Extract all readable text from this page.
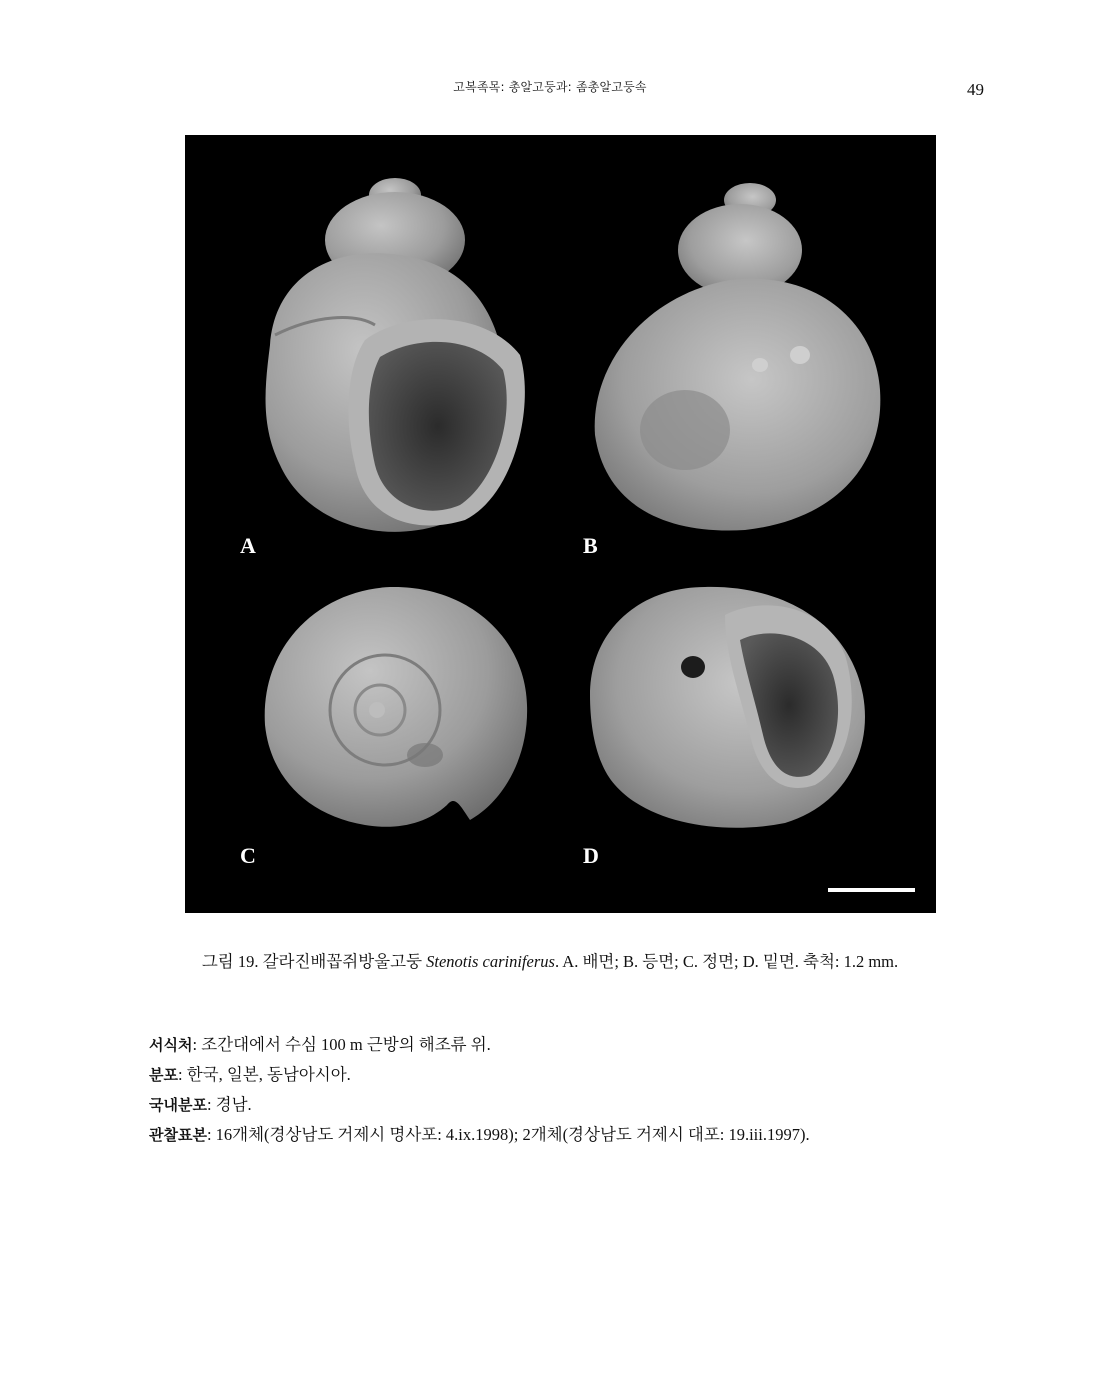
고복족목: 총알고둥과: 좀총알고둥속	49
A	B
C	D
그림 19. 갈라진배꼽쥐방울고둥 Stenotis cariniferus. A. 배면; B. 등면; C. 정면; D. 밑면. 축척: 1.2 mm.
서식처: 조간대에서 수심 100 m 근방의 해조류 위.
분포: 한국, 일본, 동남아시아.
국내분포: 경남.
관찰표본: 16개체(경상남도 거제시 명사포: 4.ix.1998); 2개체(경상남도 거제시 대포: 19.iii.1997).
